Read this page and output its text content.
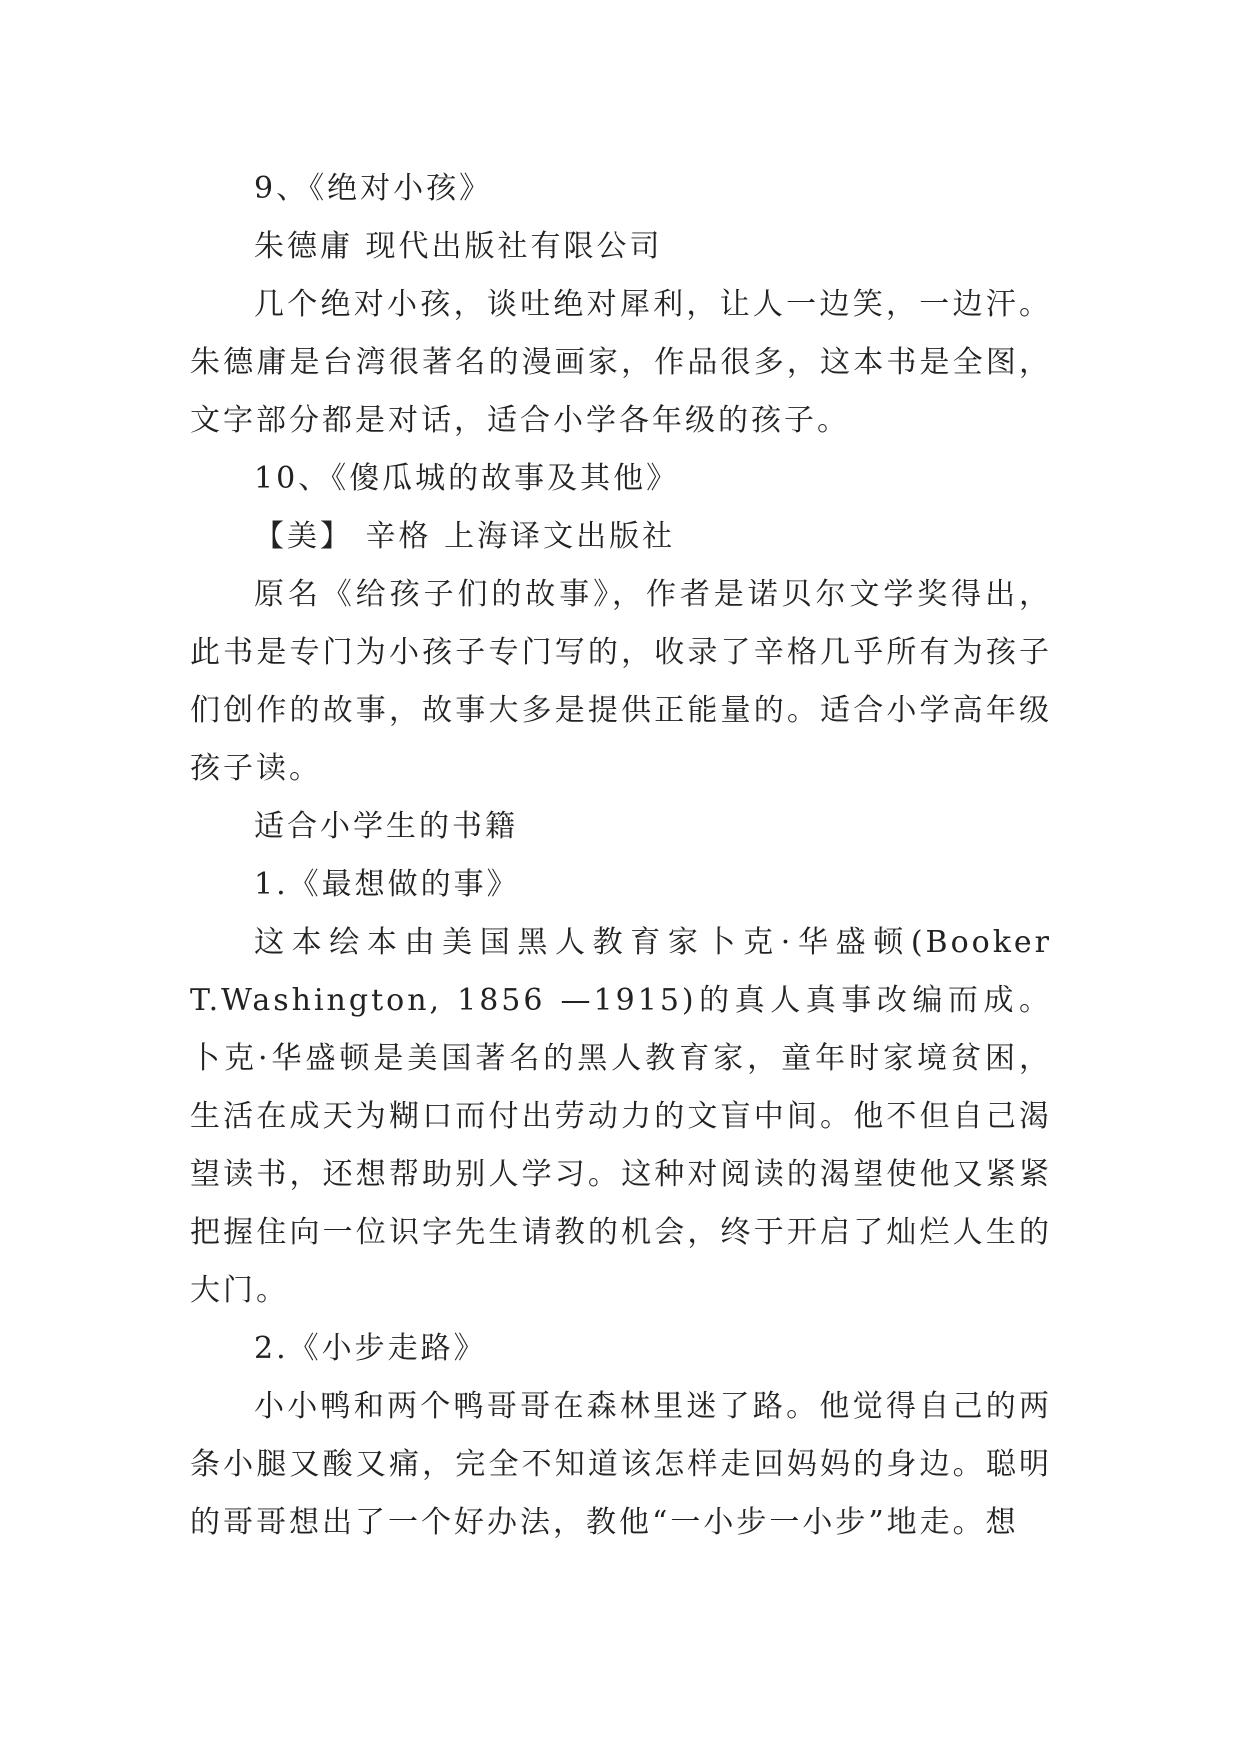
9、《绝对小孩》

朱德庸 现代出版社有限公司

几个绝对小孩，谈吐绝对犀利，让人一边笑，一边汗。朱德庸是台湾很著名的漫画家，作品很多，这本书是全图，文字部分都是对话，适合小学各年级的孩子。

10、《傻瓜城的故事及其他》

【美】 辛格 上海译文出版社

原名《给孩子们的故事》，作者是诺贝尔文学奖得出，此书是专门为小孩子专门写的，收录了辛格几乎所有为孩子们创作的故事，故事大多是提供正能量的。适合小学高年级孩子读。

适合小学生的书籍

1.《最想做的事》

这本绘本由美国黑人教育家卜克·华盛顿(Booker T.Washington, 1856 —1915)的真人真事改编而成。卜克·华盛顿是美国著名的黑人教育家，童年时家境贫困，生活在成天为糊口而付出劳动力的文盲中间。他不但自己渴望读书，还想帮助别人学习。这种对阅读的渴望使他又紧紧把握住向一位识字先生请教的机会，终于开启了灿烂人生的大门。

2.《小步走路》

小小鸭和两个鸭哥哥在森林里迷了路。他觉得自己的两条小腿又酸又痛，完全不知道该怎样走回妈妈的身边。聪明的哥哥想出了一个好办法，教他“一小步一小步”地走。想
